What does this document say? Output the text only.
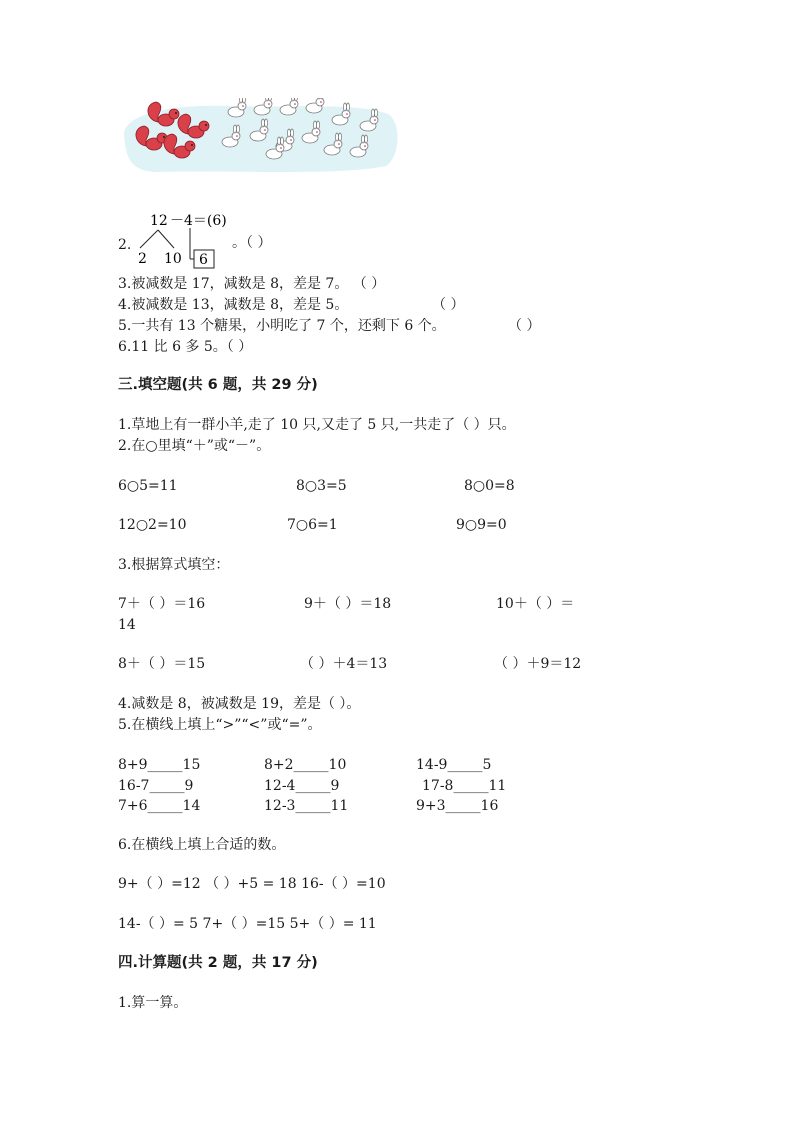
2.
12 －4＝(6)
2 10 6
。（ ）
3.被减数是 17，减数是 8，差是 7。 （ ）
4.被减数是 13，减数是 8，差是 5。	（ ）
5.一共有 13 个糖果，小明吃了 7 个，还剩下 6 个。	（ ）
6.11 比 6 多 5。（ ）
三.填空题(共 6 题，共 29 分)
1.草地上有一群小羊,走了 10 只,又走了 5 只,一共走了（ ）只。
2.在○里填“＋”或“－”。
6○5=11	8○3=5	8○0=8
12○2=10	7○6=1	9○9=0
3.根据算式填空：
7＋（ ）＝16	9＋（ ）＝18	10＋（ ）＝
14
8＋（ ）＝15	（ ）＋4＝13	（ ）＋9＝12
4.减数是 8，被减数是 19，差是（ ）。
5.在横线上填上“>”“<”或“=”。
8+9_____15	8+2_____10	14-9_____5
16-7_____9	12-4_____9	17-8_____11
7+6_____14	12-3_____11	9+3_____16
6.在横线上填上合适的数。
9+（ ）=12 （ ）+5 = 18 16-（ ）=10
14-（ ）= 5 7+（ ）=15 5+（ ）= 11
四.计算题(共 2 题，共 17 分)
1.算一算。
